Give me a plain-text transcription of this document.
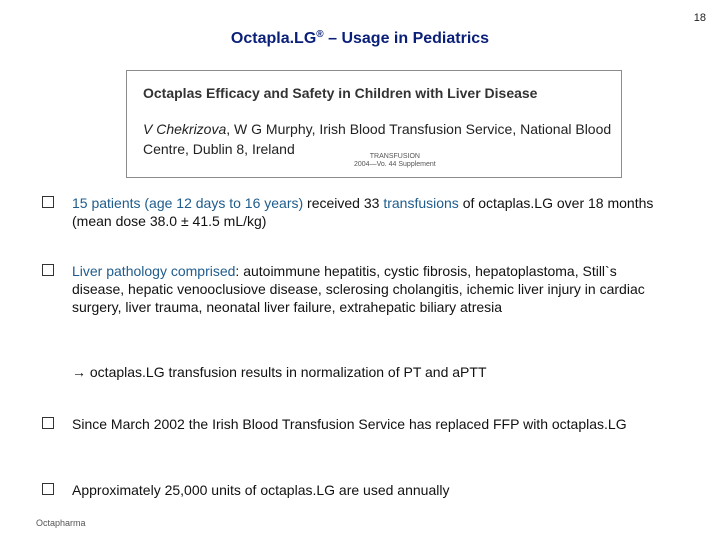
18
Octapla.LG® – Usage in Pediatrics
Octaplas Efficacy and Safety in Children with Liver Disease
V Chekrizova, W G Murphy, Irish Blood Transfusion Service, National Blood Centre, Dublin 8, Ireland	TRANSFUSION
2004—Vo. 44 Supplement
15 patients (age 12 days to 16 years) received 33 transfusions of octaplas.LG over 18 months (mean dose 38.0 ± 41.5 mL/kg)
Liver pathology comprised: autoimmune hepatitis, cystic fibrosis, hepatoplastoma, Still`s disease, hepatic venooclusiove disease, sclerosing cholangitis, ichemic liver injury in cardiac surgery, liver trauma, neonatal liver failure, extrahepatic biliary atresia
→ octaplas.LG transfusion results in normalization of PT and aPTT
Since March 2002 the Irish Blood Transfusion Service has replaced FFP with octaplas.LG
Approximately 25,000 units of octaplas.LG are used annually
Octapharma
